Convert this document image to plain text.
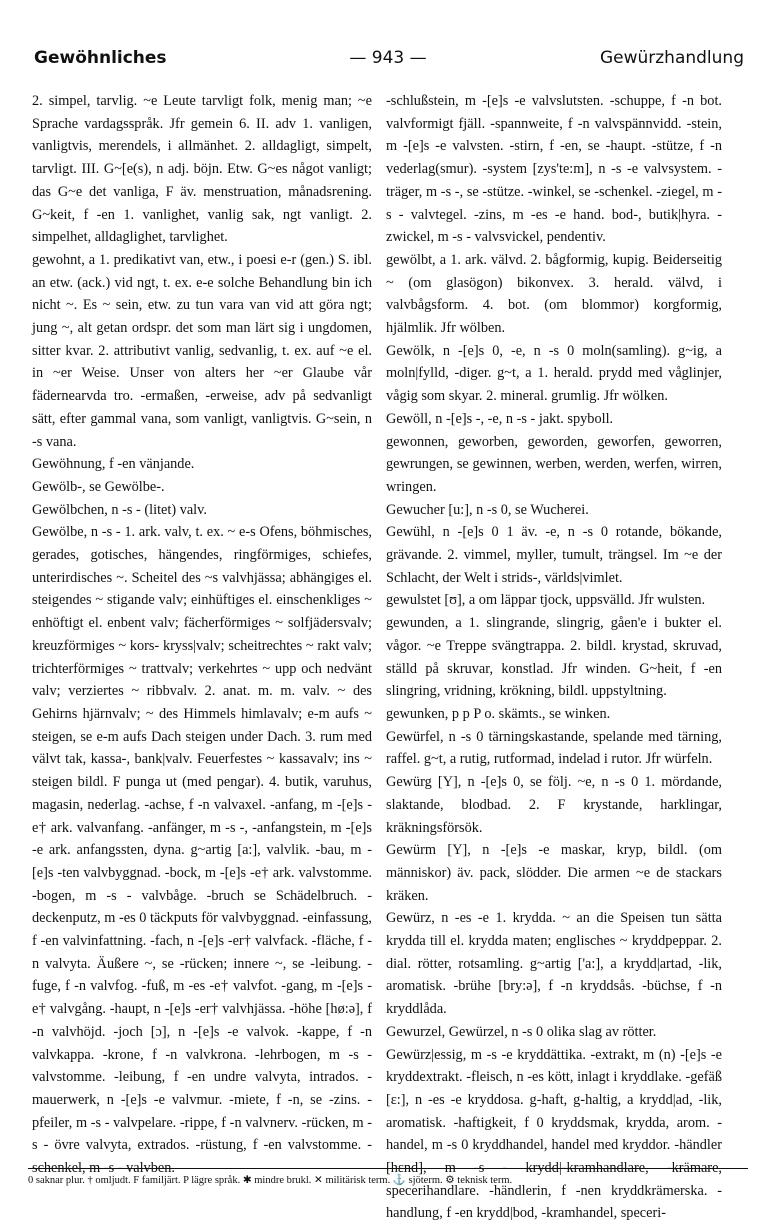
Gewöhnliches	— 943 —	Gewürzhandlung

2. simpel, tarvlig. ~e Leute tarvligt folk, menig man; ~e Sprache vardagsspråk. Jfr gemein 6. II. adv 1. vanligen, vanligtvis, merendels, i allmänhet. 2. alldagligt, simpelt, tarvligt. III. G~[e(s), n adj. böjn. Etw. G~es något vanligt; das G~e det vanliga, F äv. menstruation, månadsrening. G~keit, f -en 1. vanlighet, vanlig sak, ngt vanligt. 2. simpelhet, alldaglighet, tarvlighet.

gewohnt, a 1. predikativt van, etw., i poesi e-r (gen.) S. ibl. an etw. (ack.) vid ngt, t. ex. e-e solche Behandlung bin ich nicht ~. Es ~ sein, etw. zu tun vara van vid att göra ngt; jung ~, alt getan ordspr. det som man lärt sig i ungdomen, sitter kvar. 2. attributivt vanlig, sedvanlig, t. ex. auf ~e el. in ~er Weise. Unser von alters her ~er Glaube vår fädernearvda tro. -ermaßen, -erweise, adv på sedvanligt sätt, efter gammal vana, som vanligt, vanligtvis. G~sein, n -s vana.

Gewöhnung, f -en vänjande.

Gewölb-, se Gewölbe-.

Gewölbchen, n -s - (litet) valv.

Gewölbe, n -s - 1. ark. valv, t. ex. ~ e-s Ofens, böhmisches, gerades, gotisches, hängendes, ringförmiges, schiefes, unterirdisches ~. Scheitel des ~s valvhjässa; abhängiges el. steigendes ~ stigande valv; einhüftiges el. einschenkliges ~ enhöftigt el. enbent valv; fächerförmiges ~ solfjädersvalv; kreuzförmiges ~ kors- kryss|valv; scheitrechtes ~ rakt valv; trichterförmiges ~ trattvalv; verkehrtes ~ upp och nedvänt valv; verziertes ~ ribbvalv. 2. anat. m. m. valv. ~ des Gehirns hjärnvalv; ~ des Himmels himlavalv; e-m aufs ~ steigen, se e-m aufs Dach steigen under Dach. 3. rum med välvt tak, kassa-, bank|valv. Feuerfestes ~ kassavalv; ins ~ steigen bildl. F punga ut (med pengar). 4. butik, varuhus, magasin, nederlag. -achse, f -n valvaxel. -anfang, m -[e]s -e† ark. valvanfang. -anfänger, m -s -, -anfangstein, m -[e]s -e ark. anfangssten, dyna. g~artig [a:], valvlik. -bau, m -[e]s -ten valvbyggnad. -bock, m -[e]s -e† ark. valvstomme. -bogen, m -s - valvbåge. -bruch se Schädelbruch. -deckenputz, m -es 0 täckputs för valvbyggnad. -einfassung, f -en valvinfattning. -fach, n -[e]s -er† valvfack. -fläche, f -n valvyta. Äußere ~, se -rücken; innere ~, se -leibung. -fuge, f -n valvfog. -fuß, m -es -e† valvfot. -gang, m -[e]s -e† valvgång. -haupt, n -[e]s -er† valvhjässa. -höhe [hø:ə], f -n valvhöjd. -joch [ɔ], n -[e]s -e valvok. -kappe, f -n valvkappa. -krone, f -n valvkrona. -lehrbogen, m -s - valvstomme. -leibung, f -en undre valvyta, intrados. -mauerwerk, n -[e]s -e valvmur. -miete, f -n, se -zins. -pfeiler, m -s - valvpelare. -rippe, f -n valvnerv. -rücken, m -s - övre valvyta, extrados. -rüstung, f -en valvstomme. -schenkel, m -s - valvben.

-schlußstein, m -[e]s -e valvslutsten. -schuppe, f -n bot. valvformigt fjäll. -spannweite, f -n valvspännvidd. -stein, m -[e]s -e valvsten. -stirn, f -en, se -haupt. -stütze, f -n vederlag(smur). -system [zys'te:m], n -s -e valvsystem. -träger, m -s -, se -stütze. -winkel, se -schenkel. -ziegel, m -s - valvtegel. -zins, m -es -e hand. bod-, butik|hyra. -zwickel, m -s - valvsvickel, pendentiv.

gewölbt, a 1. ark. välvd. 2. bågformig, kupig. Beiderseitig ~ (om glasögon) bikonvex. 3. herald. välvd, i valvbågsform. 4. bot. (om blommor) korgformig, hjälmlik. Jfr wölben.

Gewölk, n -[e]s 0, -e, n -s 0 moln(samling). g~ig, a moln|fylld, -diger. g~t, a 1. herald. prydd med våglinjer, vågig som skyar. 2. mineral. grumlig. Jfr wölken.

Gewöll, n -[e]s -, -e, n -s - jakt. spyboll.

gewonnen, geworben, geworden, geworfen, geworren, gewrungen, se gewinnen, werben, werden, werfen, wirren, wringen.

Gewucher [u:], n -s 0, se Wucherei.

Gewühl, n -[e]s 0 1 äv. -e, n -s 0 rotande, bökande, grävande. 2. vimmel, myller, tumult, trängsel. Im ~e der Schlacht, der Welt i strids-, världs|vimlet.

gewulstet [ʊ], a om läppar tjock, uppsvälld. Jfr wulsten.

gewunden, a 1. slingrande, slingrig, gåen'e i bukter el. vågor. ~e Treppe svängtrappa. 2. bildl. krystad, skruvad, ställd på skruvar, konstlad. Jfr winden. G~heit, f -en slingring, vridning, krökning, bildl. uppstyltning.

gewunken, p p P o. skämts., se winken.

Gewürfel, n -s 0 tärningskastande, spelande med tärning, raffel. g~t, a rutig, rutformad, indelad i rutor. Jfr würfeln.

Gewürg [Y], n -[e]s 0, se följ. ~e, n -s 0 1. mördande, slaktande, blodbad. 2. F krystande, harklingar, kräkningsförsök.

Gewürm [Y], n -[e]s -e maskar, kryp, bildl. (om människor) äv. pack, slödder. Die armen ~e de stackars kräken.

Gewürz, n -es -e 1. krydda. ~ an die Speisen tun sätta krydda till el. krydda maten; englisches ~ kryddpeppar. 2. dial. rötter, rotsamling. g~artig ['a:], a krydd|artad, -lik, aromatisk. -brühe [bry:ə], f -n kryddsås. -büchse, f -n kryddlåda.

Gewurzel, Gewürzel, n -s 0 olika slag av rötter.

Gewürz|essig, m -s -e kryddättika. -extrakt, m (n) -[e]s -e kryddextrakt. -fleisch, n -es kött, inlagt i kryddlake. -gefäß [ɛ:], n -es -e kryddosa. g-haft, g-haltig, a krydd|ad, -lik, aromatisk. -haftigkeit, f 0 kryddsmak, krydda, arom. -handel, m -s 0 kryddhandel, handel med kryddor. -händler [hɛnd], m -s - krydd|-kramhandlare, -krämare, specerihandlare. -händlerin, f -nen kryddkrämerska. -handlung, f -en krydd|bod, -kramhandel, speceri-

0 saknar plur. † omljudt. F familjärt. P lägre språk. ✱ mindre brukl. ✕ militärisk term. ⚓ sjöterm. ⚙ teknisk term.
